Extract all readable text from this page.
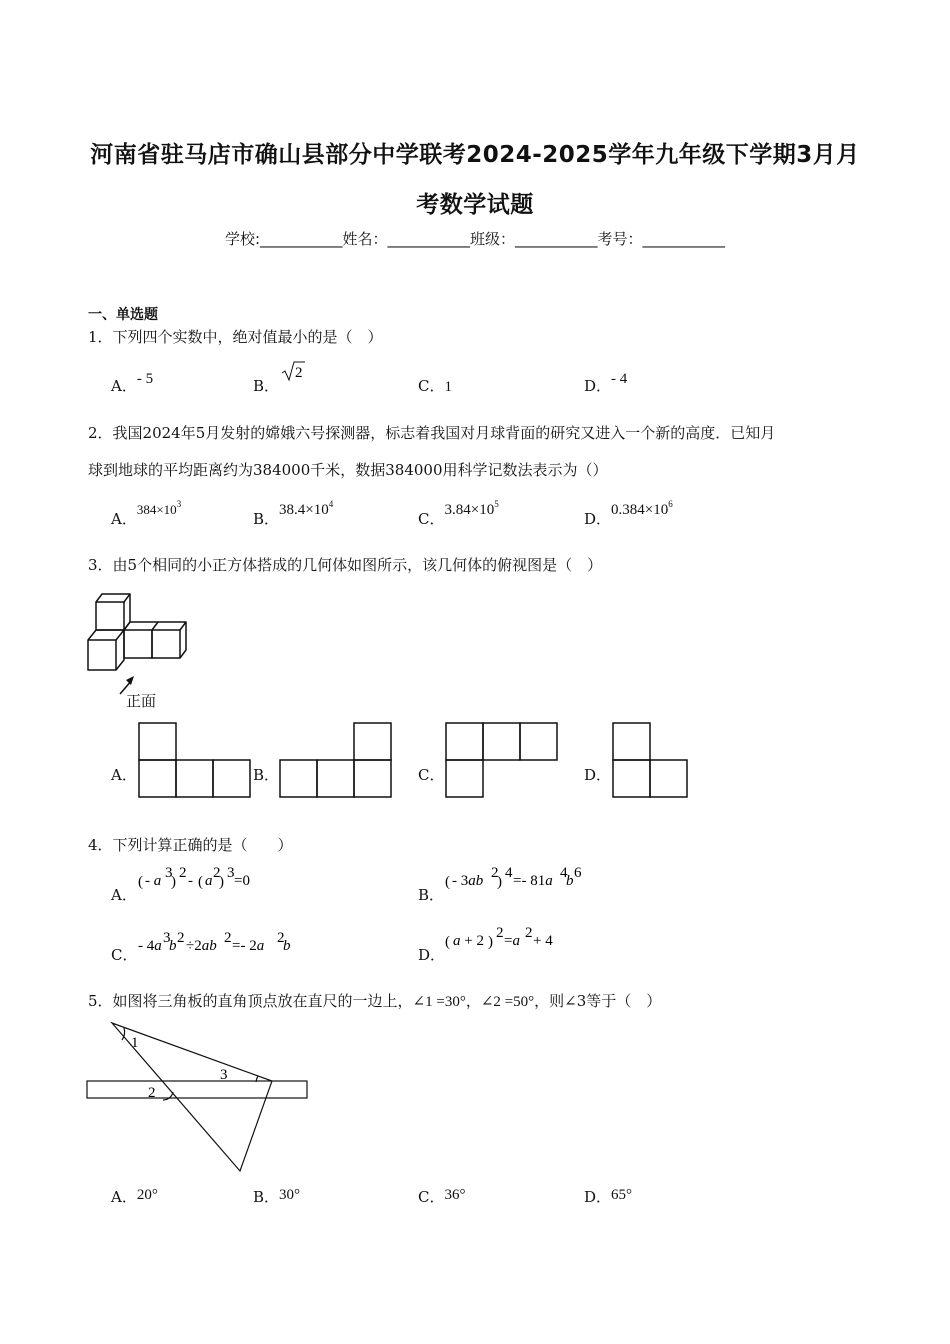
河南省驻马店市确山县部分中学联考2024-2025学年九年级下学期3月月
考数学试题
学校:___________姓名：___________班级：___________考号：___________
一、单选题
1．下列四个实数中，绝对值最小的是（　）
A．- 5	B．
2
C．1	D．- 4
2．我国2024年5月发射的嫦娥六号探测器，标志着我国对月球背面的研究又进入一个新的高度．已知月
球到地球的平均距离约为384000千米，数据384000用科学记数法表示为（）
A．$384\times 10^3$
B．$38.4\times 10^4$
C．$3.84\times 10^5$
D．$0.384\times 10^6$
3．由5个相同的小正方体搭成的几何体如图所示，该几何体的俯视图是（　）
正面
A．	B．	C．	D．
4．下列计算正确的是（　　）
A．
( - a 3
)
2 - ( a 2
)
3 =0
B．
( - 3ab 2
)
4 =- 81a 4
b 6
C． - 4a 3
b 2 ÷2ab 2 =- 2a 2
b	D．
( a + 2 )
2 =a 2 + 4
5．如图将三角板的直角顶点放在直尺的一边上，∠1 =30°，∠2 =50°，则∠3等于（　）
1
2
3
A．20°	B．30°	C．36°	D．65°
